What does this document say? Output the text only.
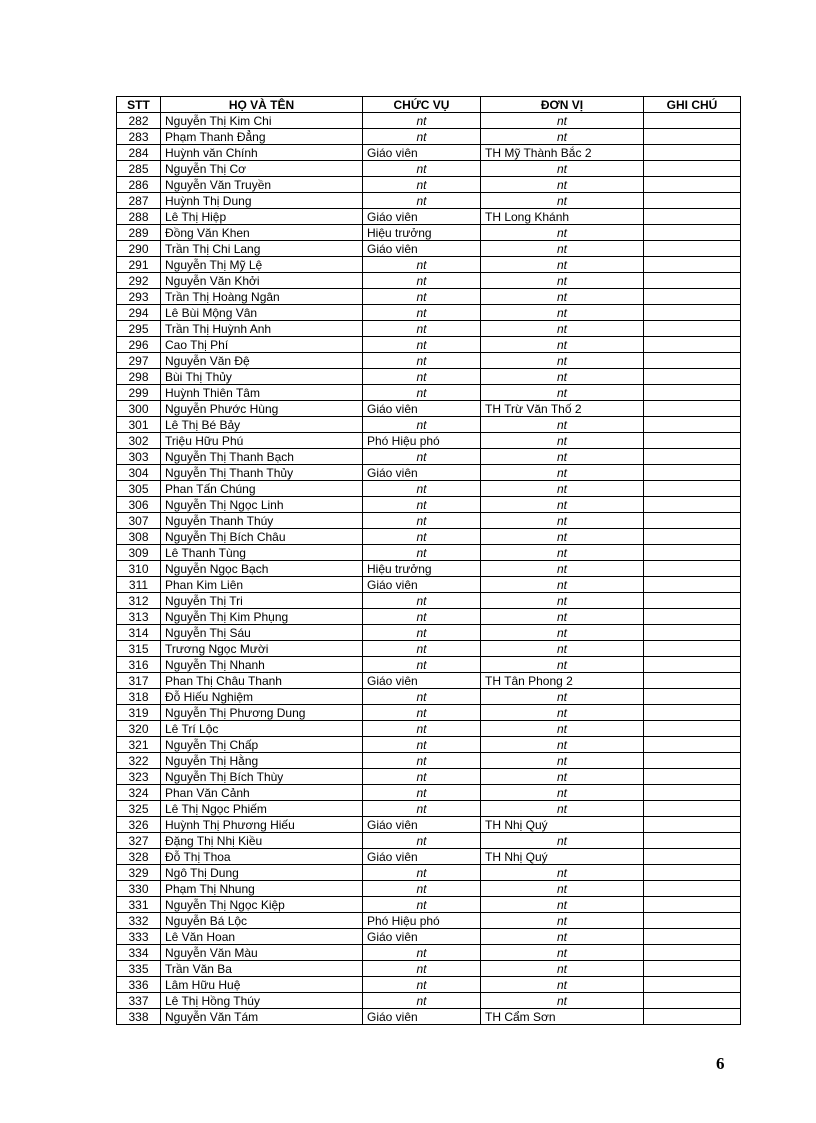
STT	HỌ VÀ TÊN	CHỨC VỤ	ĐƠN VỊ	GHI CHÚ
282	Nguyễn Thị Kim Chi	nt	nt	
283	Phạm Thanh Đẳng	nt	nt	
284	Huỳnh văn Chính	Giáo viên	TH Mỹ Thành Bắc 2	
285	Nguyễn Thị Cơ	nt	nt	
286	Nguyễn Văn Truyền	nt	nt	
287	Huỳnh Thị Dung	nt	nt	
288	Lê Thị Hiệp	Giáo viên	TH Long Khánh	
289	Đồng Văn Khen	Hiệu trưởng	nt	
290	Trần Thị Chi Lang	Giáo viên	nt	
291	Nguyễn Thị Mỹ Lệ	nt	nt	
292	Nguyễn Văn Khởi	nt	nt	
293	Trần Thị Hoàng Ngân	nt	nt	
294	Lê Bùi Mộng Vân	nt	nt	
295	Trần Thị Huỳnh Anh	nt	nt	
296	Cao Thị Phí	nt	nt	
297	Nguyễn Văn Đệ	nt	nt	
298	Bùi Thị Thủy	nt	nt	
299	Huỳnh Thiên Tâm	nt	nt	
300	Nguyễn Phước Hùng	Giáo viên	TH Trừ Văn Thố 2	
301	Lê Thị Bé Bảy	nt	nt	
302	Triệu Hữu Phú	Phó Hiệu phó	nt	
303	Nguyễn Thị Thanh Bạch	nt	nt	
304	Nguyễn Thị Thanh Thủy	Giáo viên	nt	
305	Phan Tấn Chúng	nt	nt	
306	Nguyễn Thị Ngọc Linh	nt	nt	
307	Nguyễn Thanh Thúy	nt	nt	
308	Nguyễn Thị Bích Châu	nt	nt	
309	Lê Thanh Tùng	nt	nt	
310	Nguyễn Ngọc Bạch	Hiệu trưởng	nt	
311	Phan Kim Liên	Giáo viên	nt	
312	Nguyễn Thị Tri	nt	nt	
313	Nguyễn Thị Kim Phụng	nt	nt	
314	Nguyễn Thị Sáu	nt	nt	
315	Trương Ngọc Mười	nt	nt	
316	Nguyễn Thị Nhanh	nt	nt	
317	Phan Thị Châu Thanh	Giáo viên	TH Tân Phong 2	
318	Đỗ Hiếu Nghiệm	nt	nt	
319	Nguyễn Thị Phương Dung	nt	nt	
320	Lê Trí Lộc	nt	nt	
321	Nguyễn Thị Chấp	nt	nt	
322	Nguyễn Thị Hằng	nt	nt	
323	Nguyễn Thị Bích Thùy	nt	nt	
324	Phan Văn Cảnh	nt	nt	
325	Lê Thị Ngọc Phiếm	nt	nt	
326	Huỳnh Thị Phương Hiếu	Giáo viên	TH Nhị Quý	
327	Đặng Thị Nhị Kiều	nt	nt	
328	Đỗ Thị Thoa	Giáo viên	TH Nhị Quý	
329	Ngô Thị Dung	nt	nt	
330	Phạm Thị Nhung	nt	nt	
331	Nguyễn Thị Ngọc Kiệp	nt	nt	
332	Nguyễn Bá Lộc	Phó Hiệu phó	nt	
333	Lê Văn Hoan	Giáo viên	nt	
334	Nguyễn Văn Màu	nt	nt	
335	Trần Văn Ba	nt	nt	
336	Lâm Hữu Huệ	nt	nt	
337	Lê Thị Hồng Thúy	nt	nt	
338	Nguyễn Văn Tám	Giáo viên	TH Cẩm Sơn	
6
